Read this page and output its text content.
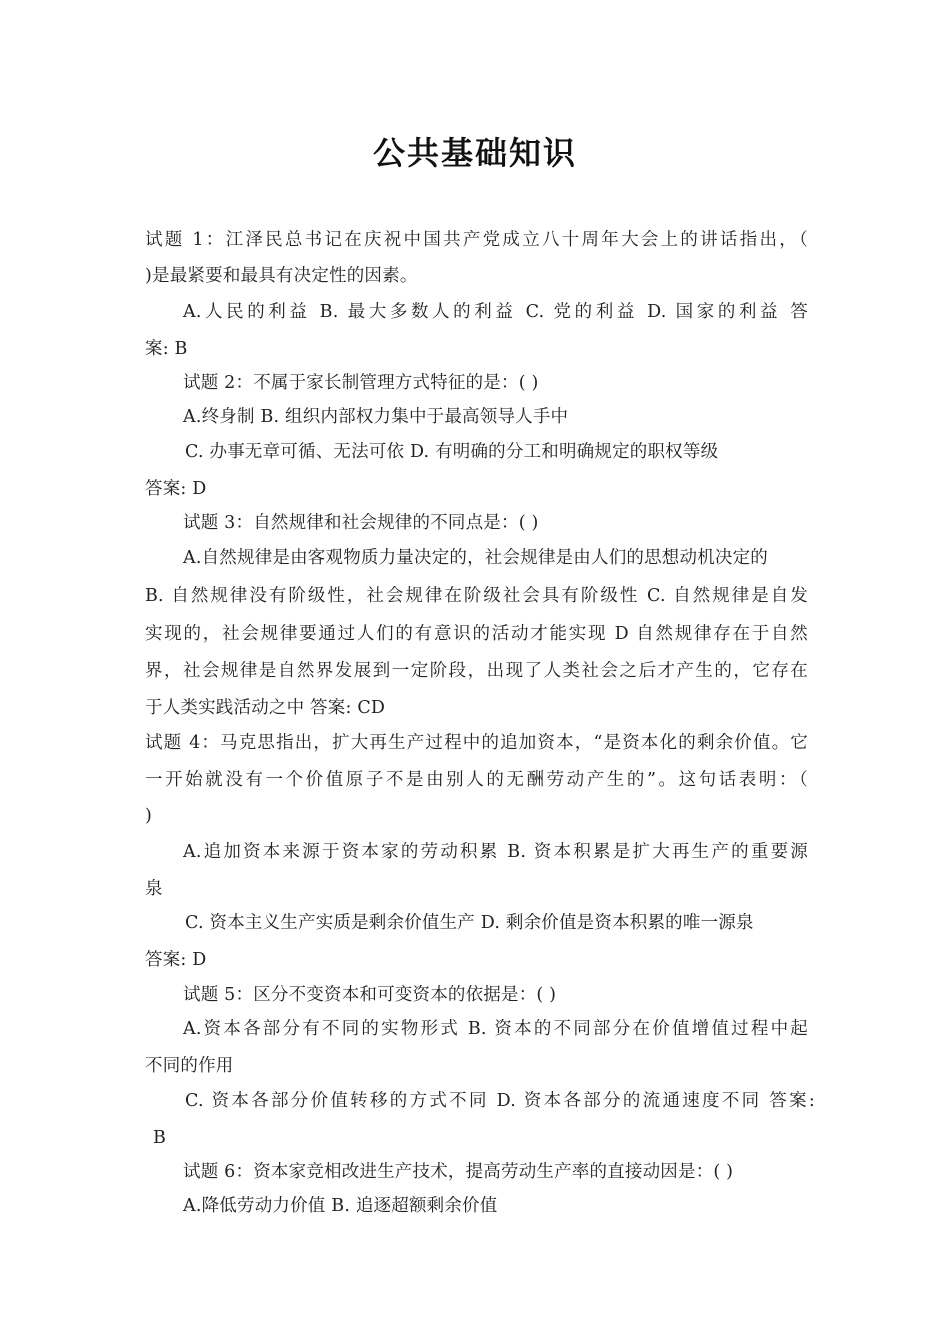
公共基础知识
试题 1：江泽民总书记在庆祝中国共产党成立八十周年大会上的讲话指出，（
)是最紧要和最具有决定性的因素。
A.人民的利益 B. 最大多数人的利益 C. 党的利益 D. 国家的利益 答
案: B
试题 2：不属于家长制管理方式特征的是：( )
A.终身制 B. 组织内部权力集中于最高领导人手中
C. 办事无章可循、无法可依 D. 有明确的分工和明确规定的职权等级
答案: D
试题 3：自然规律和社会规律的不同点是：( )
A.自然规律是由客观物质力量决定的，社会规律是由人们的思想动机决定的
B. 自然规律没有阶级性，社会规律在阶级社会具有阶级性 C. 自然规律是自发
实现的，社会规律要通过人们的有意识的活动才能实现 D 自然规律存在于自然
界，社会规律是自然界发展到一定阶段，出现了人类社会之后才产生的，它存在
于人类实践活动之中 答案: CD
试题 4：马克思指出，扩大再生产过程中的追加资本，“是资本化的剩余价值。它
一开始就没有一个价值原子不是由别人的无酬劳动产生的”。这句话表明：（
)
A.追加资本来源于资本家的劳动积累 B. 资本积累是扩大再生产的重要源
泉
C. 资本主义生产实质是剩余价值生产 D. 剩余价值是资本积累的唯一源泉
答案: D
试题 5：区分不变资本和可变资本的依据是：( )
A.资本各部分有不同的实物形式 B. 资本的不同部分在价值增值过程中起
不同的作用
C. 资本各部分价值转移的方式不同 D. 资本各部分的流通速度不同 答案:
B
试题 6：资本家竞相改进生产技术，提高劳动生产率的直接动因是：( )
A.降低劳动力价值 B. 追逐超额剩余价值
